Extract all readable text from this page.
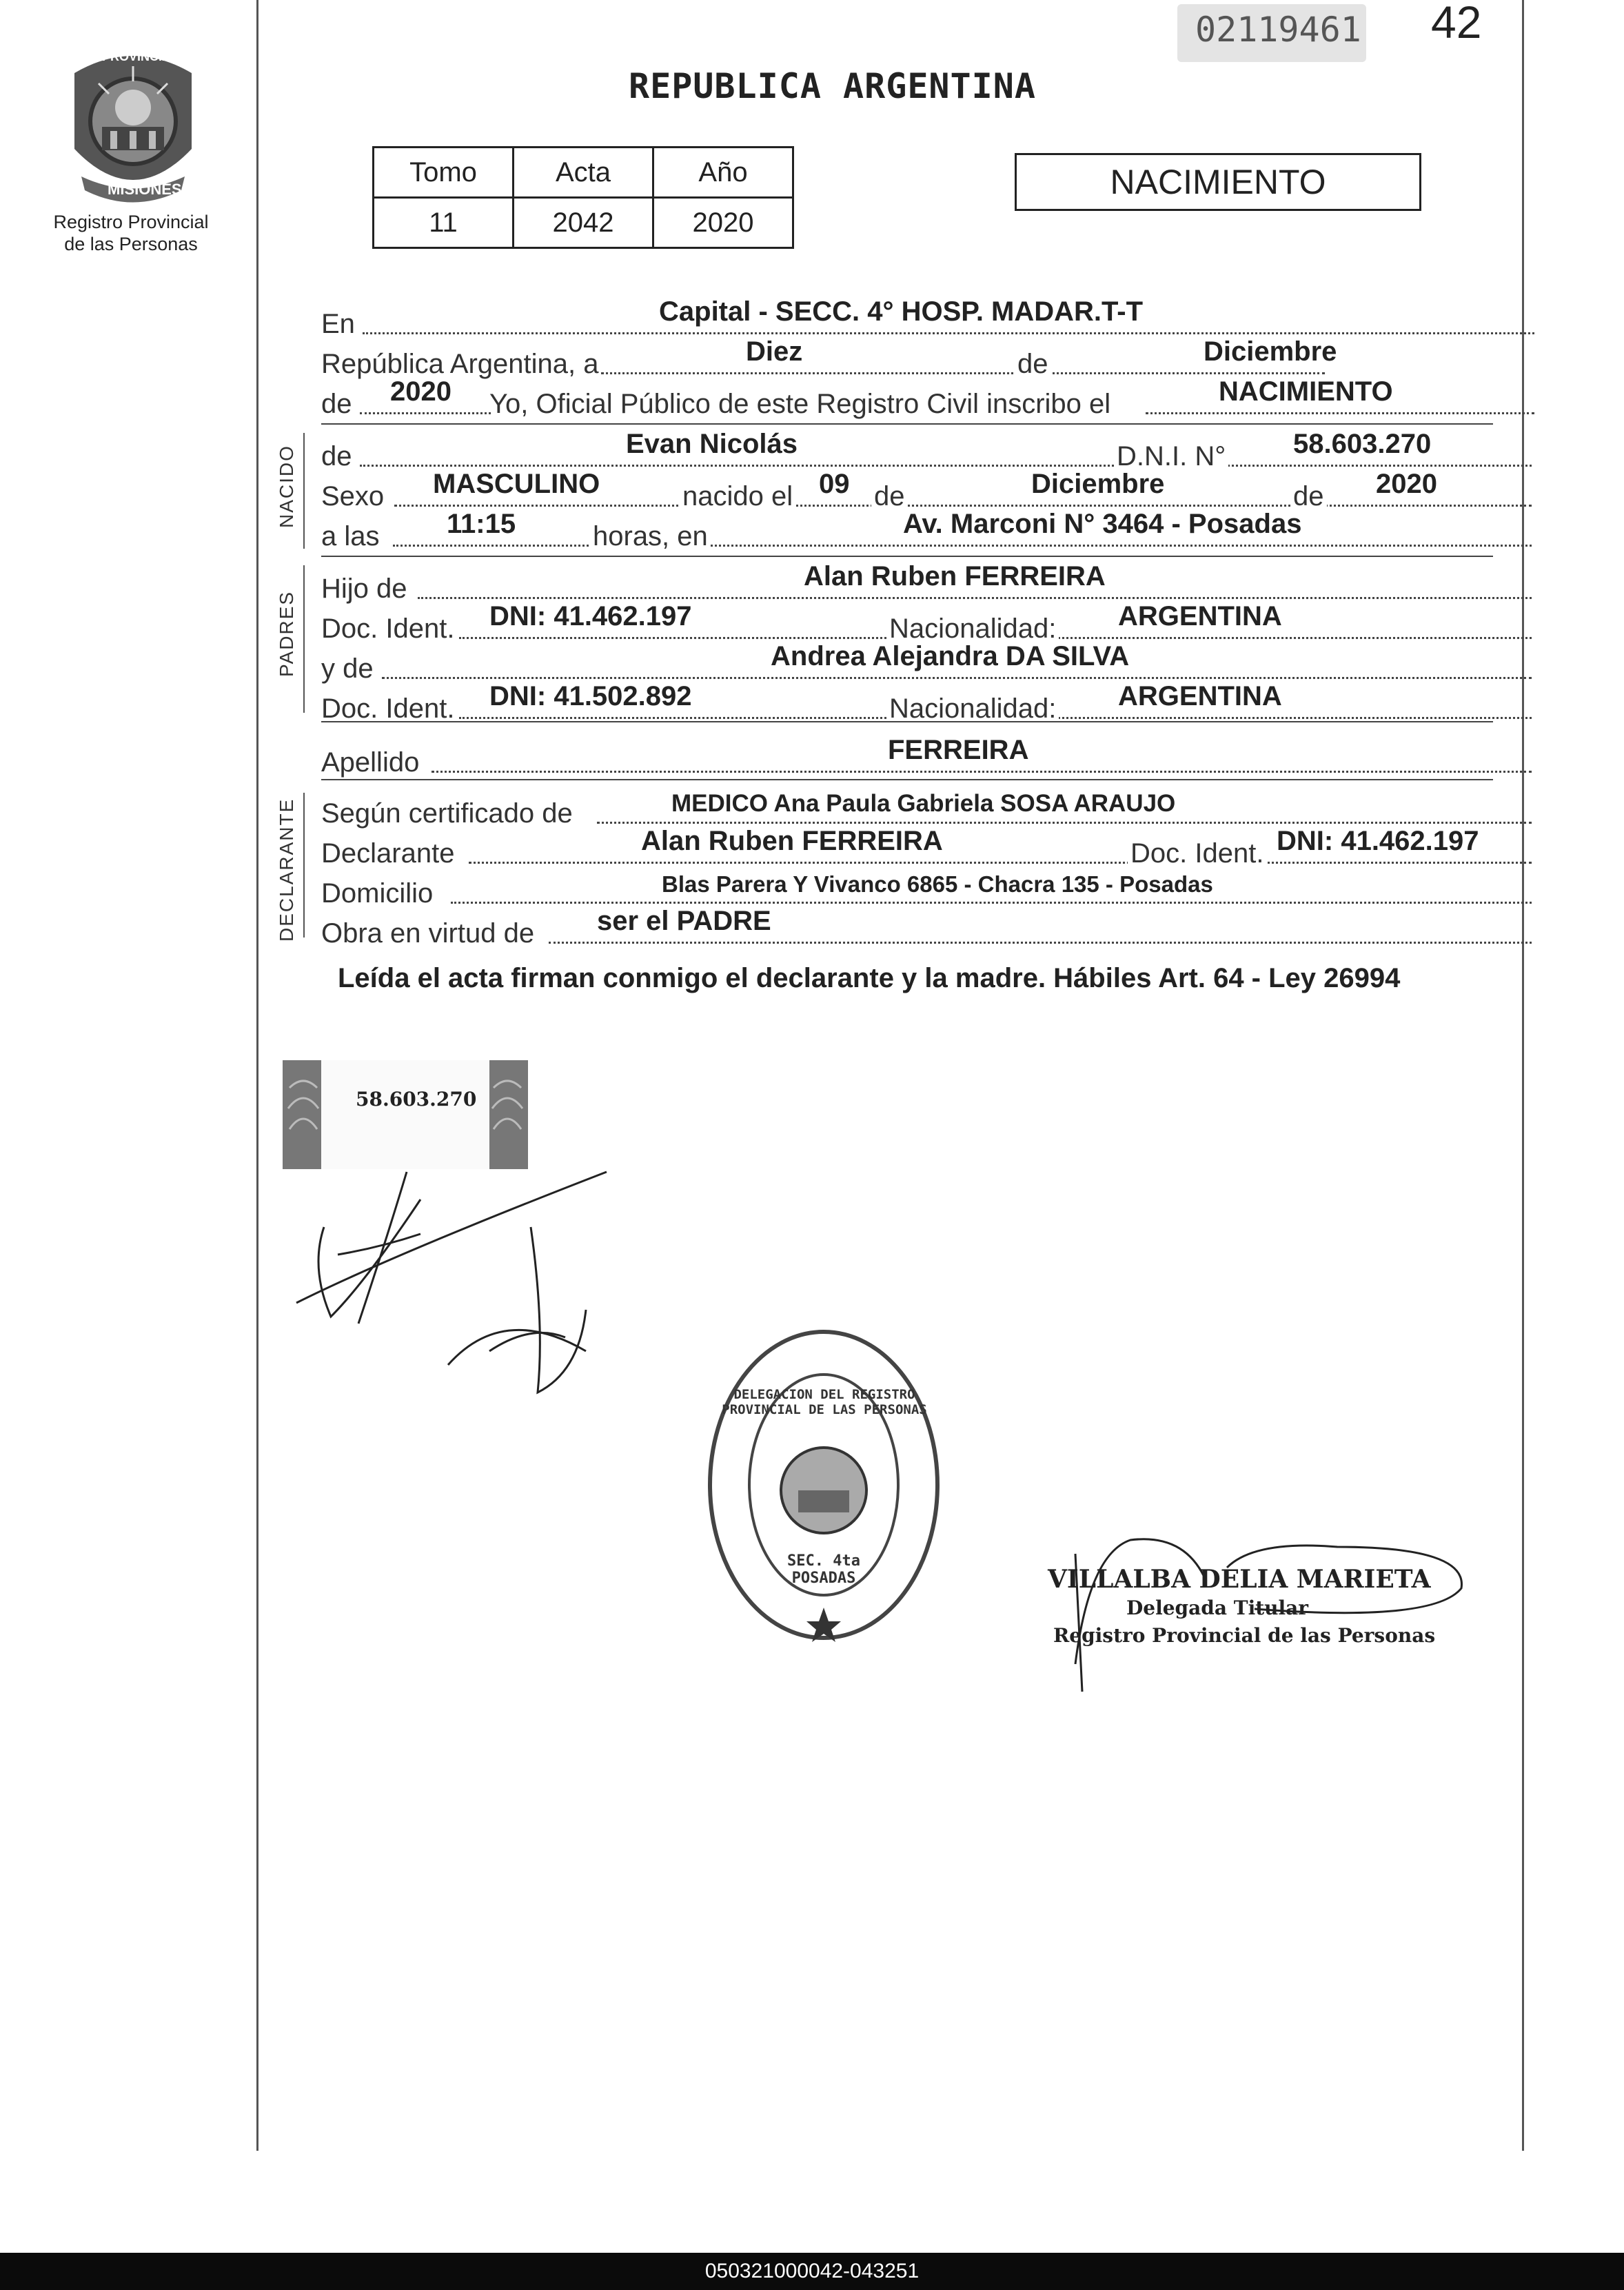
02119461 42
PROVINCIA DE
MISIONES
Registro Provincial
de las Personas
REPUBLICA ARGENTINA
Tomo	Acta	Año
11	2042	2020
NACIMIENTO
En	Capital - SECC. 4° HOSP. MADAR.T-T
República Argentina, a	Diez	de	Diciembre
de 2020 Yo, Oficial Público de este Registro Civil inscribo el	NACIMIENTO
NACIDO de	Evan Nicolás	D.N.I. N° 58.603.270
Sexo MASCULINO	nacido el 09 de	Diciembre	de 2020
a las 11:15	horas, en	Av. Marconi N° 3464 - Posadas
PADRES
Hijo de	Alan Ruben FERREIRA
Doc. Ident. DNI: 41.462.197	Nacionalidad: ARGENTINA
y de	Andrea Alejandra DA SILVA
Doc. Ident. DNI: 41.502.892	Nacionalidad: ARGENTINA
Apellido	FERREIRA
DECLARANTE Según certificado de	MEDICO Ana Paula Gabriela SOSA ARAUJO
Declarante	Alan Ruben FERREIRA	Doc. Ident. DNI: 41.462.197
Domicilio	Blas Parera Y Vivanco 6865 - Chacra 135 - Posadas
Obra en virtud de ser el PADRE
Leída el acta firman conmigo el declarante y la madre. Hábiles Art. 64 - Ley 26994
58.603.270
DELEGACION DEL REGISTRO PROVINCIAL DE LAS PERSONAS
SEC. 4ta POSADAS	VILLALBA DELIA MARIETA
Delegada Titular
Registro Provincial de las Personas
050321000042-043251
